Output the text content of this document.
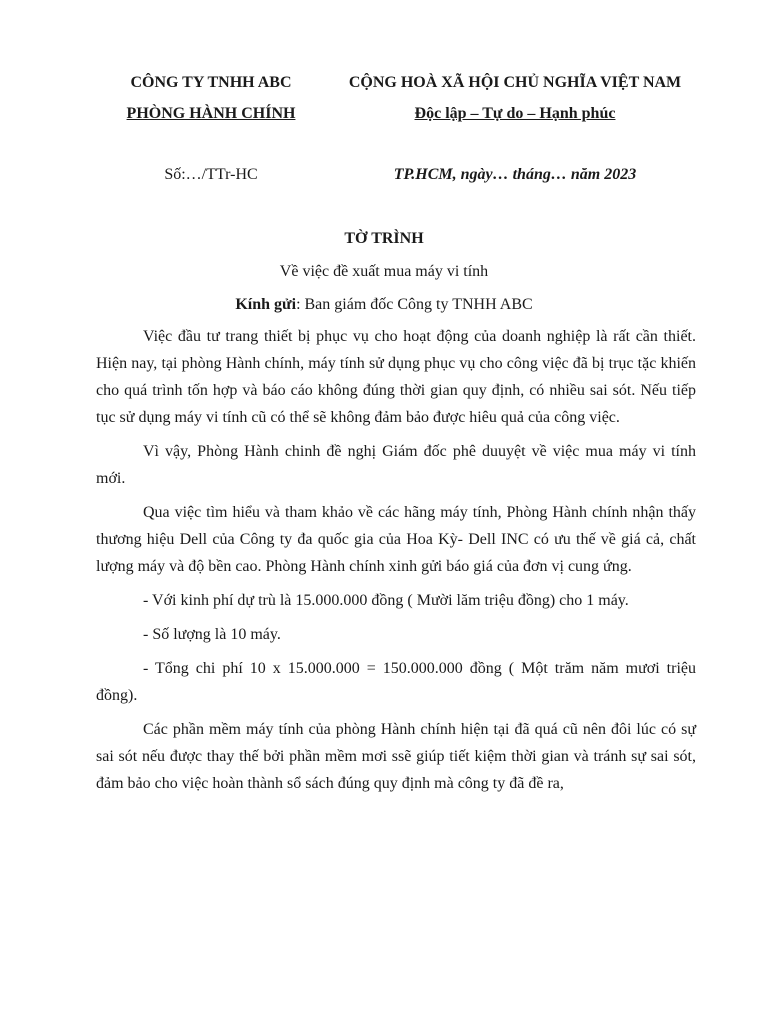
CÔNG TY TNHH ABC
PHÒNG HÀNH CHÍNH
CỘNG HOÀ XÃ HỘI CHỦ NGHĨA VIỆT NAM
Độc lập – Tự do – Hạnh phúc
Số:…/TTr-HC	TP.HCM, ngày… tháng… năm 2023
TỜ TRÌNH
Về việc đề xuất mua máy vi tính
Kính gửi: Ban giám đốc Công ty TNHH ABC

Việc đầu tư trang thiết bị phục vụ cho hoạt động của doanh nghiệp là rất cần thiết. Hiện nay, tại phòng Hành chính, máy tính sử dụng phục vụ cho công việc đã bị trục tặc khiến cho quá trình tốn hợp và báo cáo không đúng thời gian quy định, có nhiều sai sót. Nếu tiếp tục sử dụng máy vi tính cũ có thể sẽ không đảm bảo được hiêu quả của công việc.

Vì vậy, Phòng Hành chinh đề nghị Giám đốc phê duuyệt về việc mua máy vi tính mới.

Qua việc tìm hiểu và tham khảo về các hãng máy tính, Phòng Hành chính nhận thấy thương hiệu Dell của Công ty đa quốc gia của Hoa Kỳ- Dell INC có ưu thế về giá cả, chất lượng máy và độ bền cao. Phòng Hành chính xinh gửi báo giá của đơn vị cung ứng.

- Với kinh phí dự trù là 15.000.000 đồng ( Mười lăm triệu đồng) cho 1 máy.

- Số lượng là 10 máy.

- Tổng chi phí 10 x 15.000.000 = 150.000.000 đồng ( Một trăm năm mươi triệu đồng).

Các phần mềm máy tính của phòng Hành chính hiện tại đã quá cũ nên đôi lúc có sự sai sót nếu được thay thế bởi phần mềm mơi ssẽ giúp tiết kiệm thời gian và tránh sự sai sót, đảm bảo cho việc hoàn thành sổ sách đúng quy định mà công ty đã đề ra,
